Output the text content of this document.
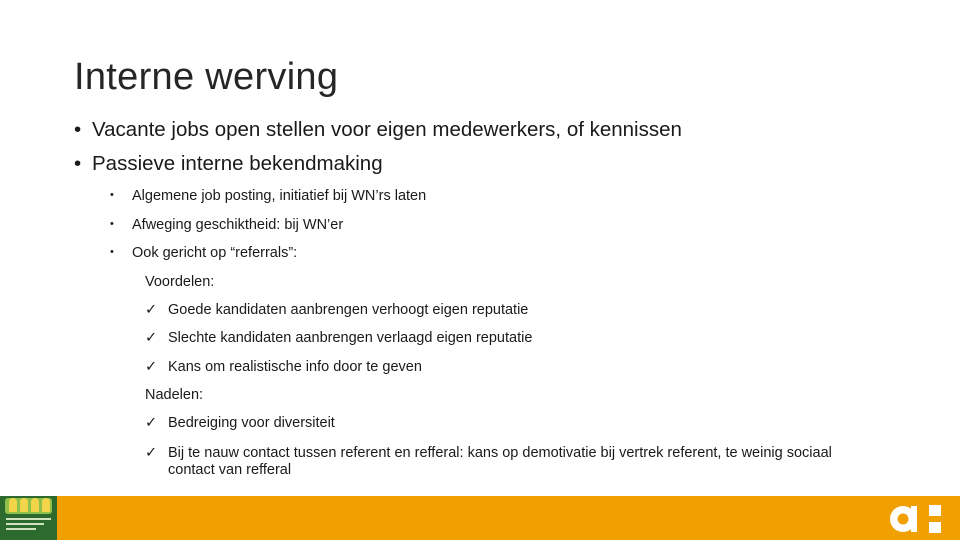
Interne werving
• Vacante jobs open stellen voor eigen medewerkers, of kennissen
• Passieve interne bekendmaking
• Algemene job posting, initiatief bij WN’rs laten
• Afweging geschiktheid: bij WN’er
• Ook gericht op “referrals”:
Voordelen:
✓ Goede kandidaten aanbrengen verhoogt eigen reputatie
✓ Slechte kandidaten aanbrengen verlaagd eigen reputatie
✓ Kans om realistische info door te geven
Nadelen:
✓ Bedreiging voor diversiteit
✓ Bij te nauw contact tussen referent en refferal: kans op demotivatie bij vertrek referent, te weinig sociaal contact van refferal
